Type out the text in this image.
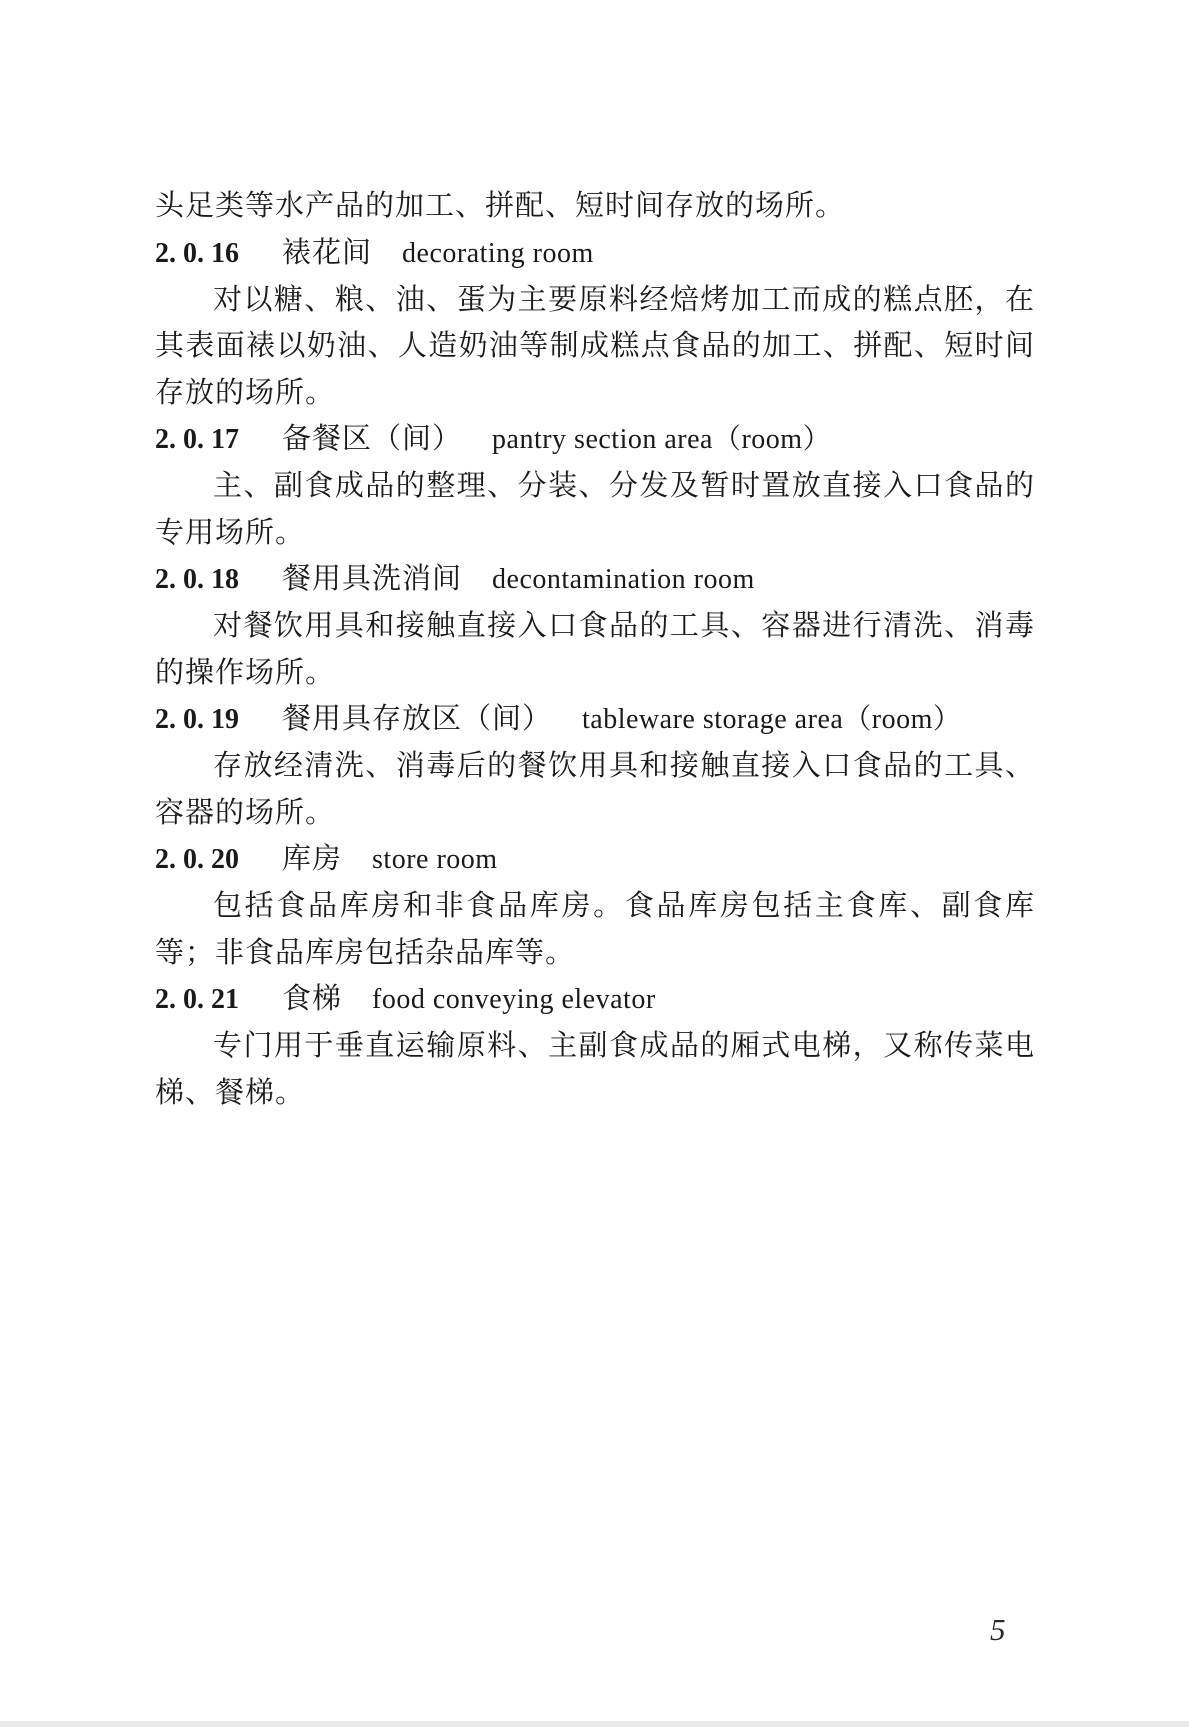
头足类等水产品的加工、拼配、短时间存放的场所。
2. 0. 16 裱花间 decorating room
对以糖、粮、油、蛋为主要原料经焙烤加工而成的糕点胚，在其表面裱以奶油、人造奶油等制成糕点食品的加工、拼配、短时间存放的场所。
2. 0. 17 备餐区（间） pantry section area（room）
主、副食成品的整理、分装、分发及暂时置放直接入口食品的专用场所。
2. 0. 18 餐用具洗消间 decontamination room
对餐饮用具和接触直接入口食品的工具、容器进行清洗、消毒的操作场所。
2. 0. 19 餐用具存放区（间） tableware storage area（room）
存放经清洗、消毒后的餐饮用具和接触直接入口食品的工具、容器的场所。
2. 0. 20 库房 store room
包括食品库房和非食品库房。食品库房包括主食库、副食库等；非食品库房包括杂品库等。
2. 0. 21 食梯 food conveying elevator
专门用于垂直运输原料、主副食成品的厢式电梯，又称传菜电梯、餐梯。
5
